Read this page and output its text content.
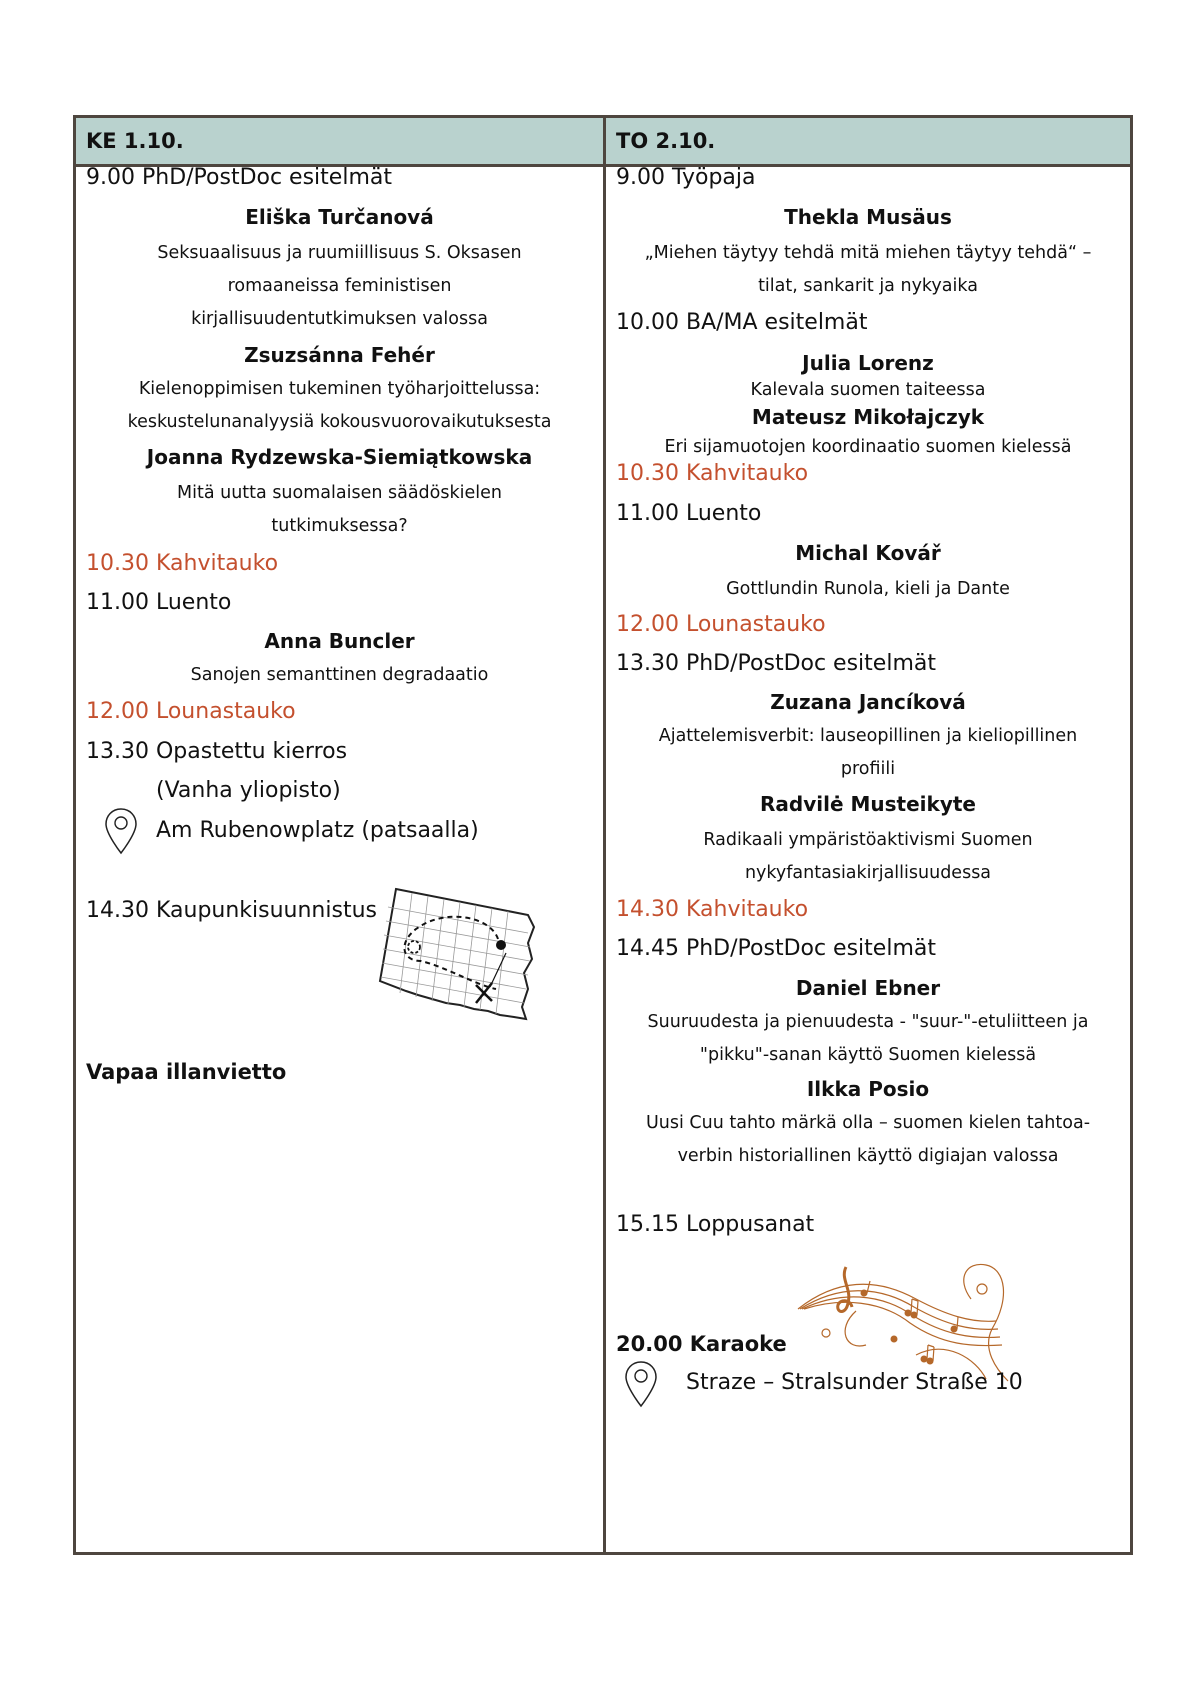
KE 1.10.

9.00 PhD/PostDoc esitelmät

Eliška Turčanová

Seksuaalisuus ja ruumiillisuus S. Oksasen

romaaneissa feministisen

kirjallisuudentutkimuksen valossa

Zsuzsánna Fehér

Kielenoppimisen tukeminen työharjoittelussa:

keskustelunanalyysiä kokousvuorovaikutuksesta

Joanna Rydzewska-Siemiątkowska

Mitä uutta suomalaisen säädöskielen

tutkimuksessa?

10.30 Kahvitauko

11.00 Luento

Anna Buncler

Sanojen semanttinen degradaatio

12.00 Lounastauko

13.30 Opastettu kierros

(Vanha yliopisto)

Am Rubenowplatz (patsaalla)

14.30 Kaupunkisuunnistus

Vapaa illanvietto

TO 2.10.

9.00 Työpaja

Thekla Musäus

„Miehen täytyy tehdä mitä miehen täytyy tehdä“ –

tilat, sankarit ja nykyaika

10.00 BA/MA esitelmät

Julia Lorenz

Kalevala suomen taiteessa

Mateusz Mikołajczyk

Eri sijamuotojen koordinaatio suomen kielessä

10.30 Kahvitauko

11.00 Luento

Michal Kovář

Gottlundin Runola, kieli ja Dante

12.00 Lounastauko

13.30 PhD/PostDoc esitelmät

Zuzana Jancíková

Ajattelemisverbit: lauseopillinen ja kieliopillinen

profiili

Radvilė Musteikyte

Radikaali ympäristöaktivismi Suomen

nykyfantasiakirjallisuudessa

14.30 Kahvitauko

14.45 PhD/PostDoc esitelmät

Daniel Ebner

Suuruudesta ja pienuudesta - "suur-"-etuliitteen ja

"pikku"-sanan käyttö Suomen kielessä

Ilkka Posio

Uusi Cuu tahto märkä olla – suomen kielen tahtoa-

verbin historiallinen käyttö digiajan valossa

15.15 Loppusanat

20.00 Karaoke

Straze – Stralsunder Straße 10
